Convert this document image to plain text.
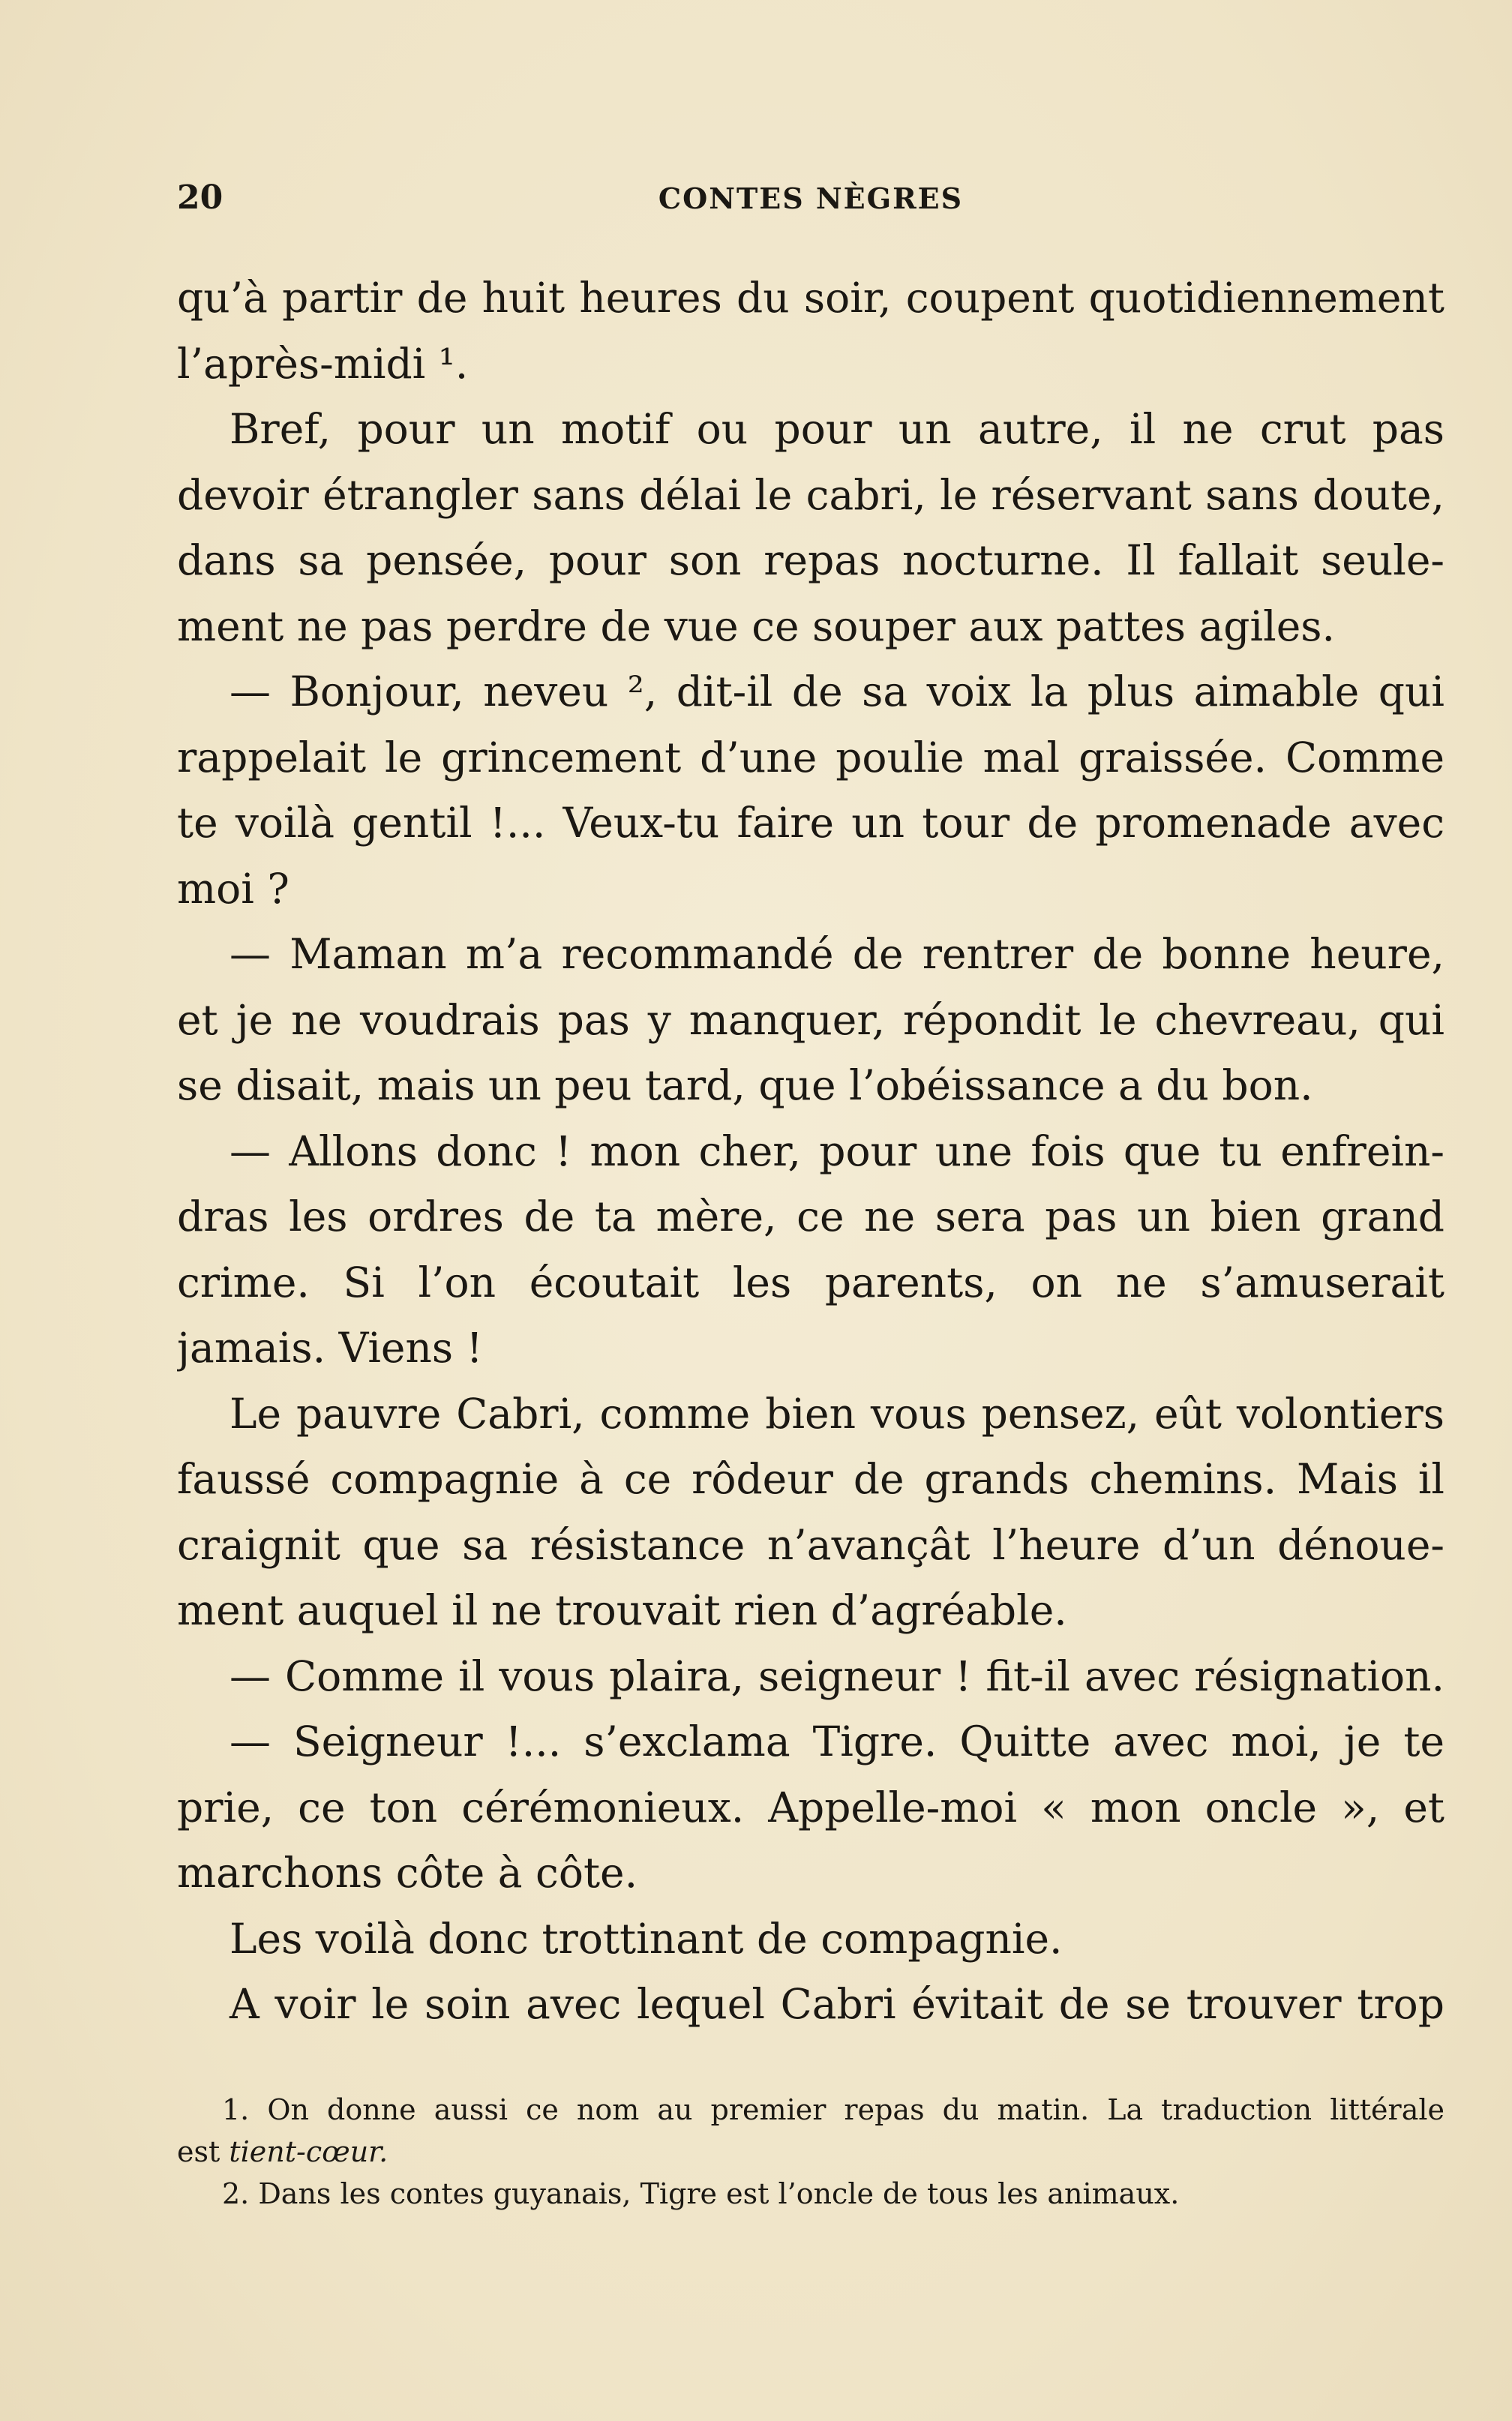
20	CONTES NÈGRES
qu’à partir de huit heures du soir, coupent quotidiennement
l’après-midi ¹.
Bref, pour un motif ou pour un autre, il ne crut pas
devoir étrangler sans délai le cabri, le réservant sans doute,
dans sa pensée, pour son repas nocturne. Il fallait seule-
ment ne pas perdre de vue ce souper aux pattes agiles.
— Bonjour, neveu ², dit-il de sa voix la plus aimable qui
rappelait le grincement d’une poulie mal graissée. Comme
te voilà gentil !... Veux-tu faire un tour de promenade avec
moi ?
— Maman m’a recommandé de rentrer de bonne heure,
et je ne voudrais pas y manquer, répondit le chevreau, qui
se disait, mais un peu tard, que l’obéissance a du bon.
— Allons donc ! mon cher, pour une fois que tu enfrein-
dras les ordres de ta mère, ce ne sera pas un bien grand
crime. Si l’on écoutait les parents, on ne s’amuserait
jamais. Viens !
Le pauvre Cabri, comme bien vous pensez, eût volontiers
faussé compagnie à ce rôdeur de grands chemins. Mais il
craignit que sa résistance n’avançât l’heure d’un dénoue-
ment auquel il ne trouvait rien d’agréable.
— Comme il vous plaira, seigneur ! fit-il avec résignation.
— Seigneur !... s’exclama Tigre. Quitte avec moi, je te
prie, ce ton cérémonieux. Appelle-moi « mon oncle », et
marchons côte à côte.
Les voilà donc trottinant de compagnie.
A voir le soin avec lequel Cabri évitait de se trouver trop
1. On donne aussi ce nom au premier repas du matin. La traduction littérale
est tient-cœur.
2. Dans les contes guyanais, Tigre est l’oncle de tous les animaux.
